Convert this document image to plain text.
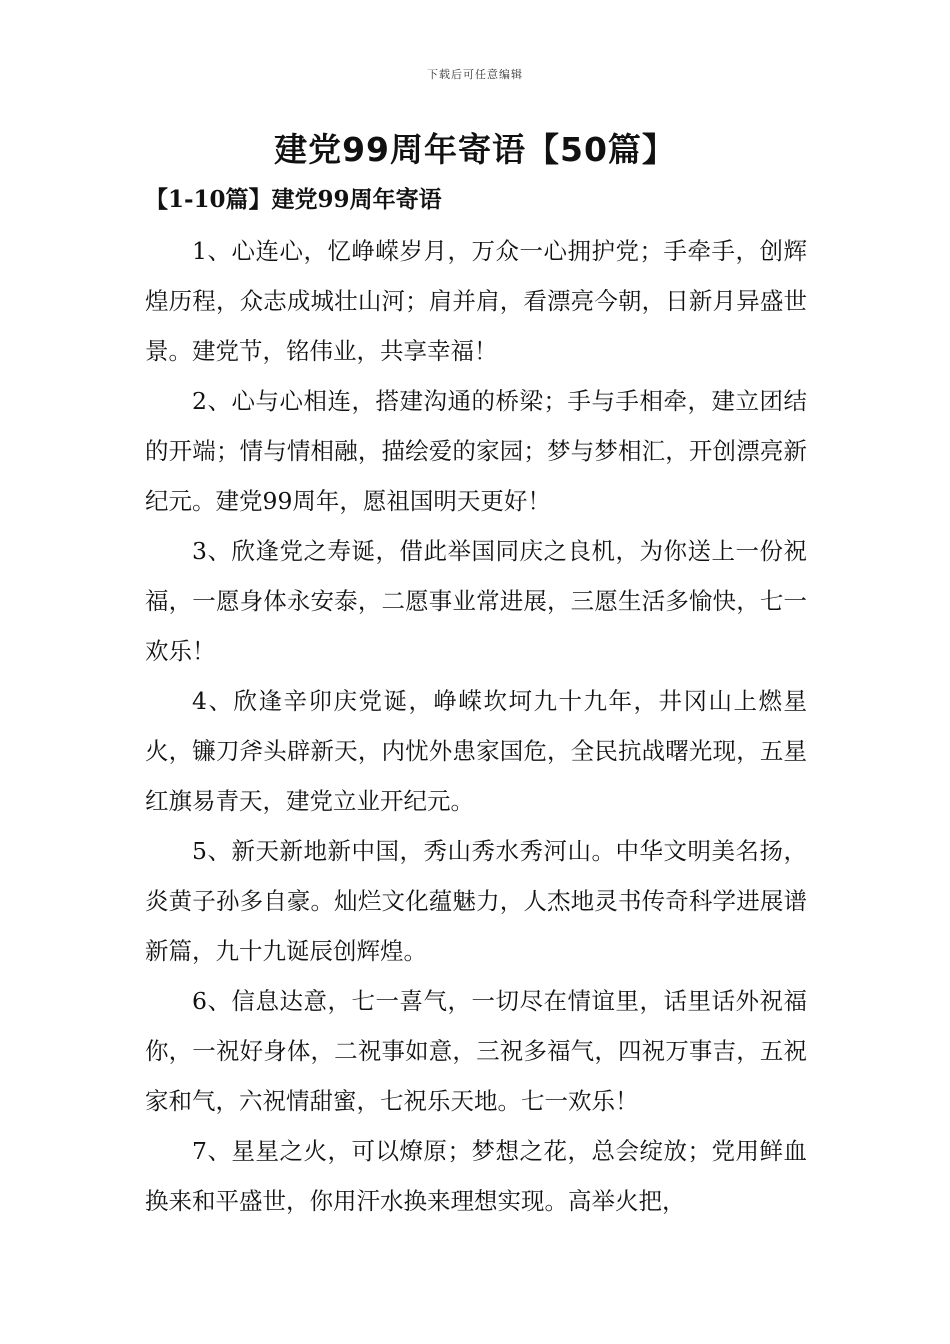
下载后可任意编辑
建党99周年寄语【50篇】
【1-10篇】建党99周年寄语

1、心连心，忆峥嵘岁月，万众一心拥护党；手牵手，创辉煌历程，众志成城壮山河；肩并肩，看漂亮今朝，日新月异盛世景。建党节，铭伟业，共享幸福！

2、心与心相连，搭建沟通的桥梁；手与手相牵，建立团结的开端；情与情相融，描绘爱的家园；梦与梦相汇，开创漂亮新纪元。建党99周年，愿祖国明天更好！

3、欣逢党之寿诞，借此举国同庆之良机，为你送上一份祝福，一愿身体永安泰，二愿事业常进展，三愿生活多愉快，七一欢乐！

4、欣逢辛卯庆党诞，峥嵘坎坷九十九年，井冈山上燃星火，镰刀斧头辟新天，内忧外患家国危，全民抗战曙光现，五星红旗易青天，建党立业开纪元。

5、新天新地新中国，秀山秀水秀河山。中华文明美名扬，炎黄子孙多自豪。灿烂文化蕴魅力，人杰地灵书传奇科学进展谱新篇，九十九诞辰创辉煌。

6、信息达意，七一喜气，一切尽在情谊里，话里话外祝福你，一祝好身体，二祝事如意，三祝多福气，四祝万事吉，五祝家和气，六祝情甜蜜，七祝乐天地。七一欢乐！

7、星星之火，可以燎原；梦想之花，总会绽放；党用鲜血换来和平盛世，你用汗水换来理想实现。高举火把，
